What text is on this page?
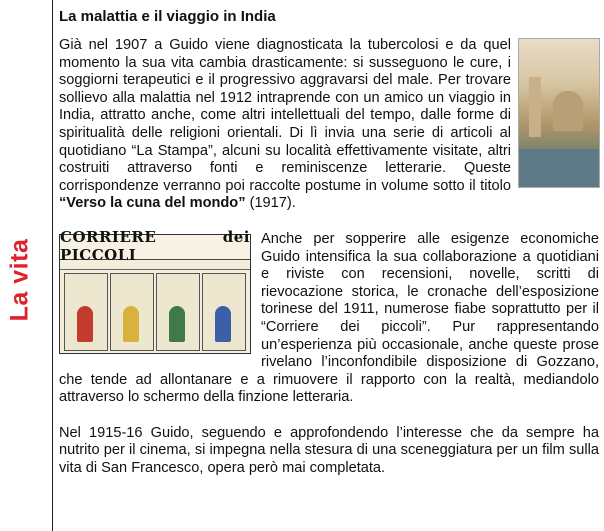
La vita
La malattia e il viaggio in India

Già nel 1907 a Guido viene diagnosticata la tubercolosi e da quel momento la sua vita cambia drasticamente: si susseguono le cure, i soggiorni terapeutici e il progressivo aggravarsi del male. Per trovare sollievo alla malattia nel 1912 intraprende con un amico un viaggio in India, attratto anche, come altri intellettuali del tempo, dalle forme di spiritualità delle religioni orientali. Di lì invia una serie di articoli al quotidiano “La Stampa”, alcuni su località effettivamente visitate, altri costruiti attraverso fonti e reminiscenze letterarie. Queste corrispondenze verranno poi raccolte postume in volume sotto il titolo “Verso la cuna del mondo” (1917).

CORRIERE dei PICCOLI
Anche per sopperire alle esigenze economiche Guido intensifica la sua collaborazione a quotidiani e riviste con recensioni, novelle, scritti di rievocazione storica, le cronache dell’esposizione torinese del 1911, numerose fiabe soprattutto per il “Corriere dei piccoli”. Pur rappresentando un’esperienza più occasionale, anche queste prose rivelano l’inconfondibile disposizione di Gozzano, che tende ad allontanare e a rimuovere il rapporto con la realtà, mediandolo attraverso lo schermo della finzione letteraria.

Nel 1915-16 Guido, seguendo e approfondendo l’interesse che da sempre ha nutrito per il cinema, si impegna nella stesura di una sceneggiatura per un film sulla vita di San Francesco, opera però mai completata.
